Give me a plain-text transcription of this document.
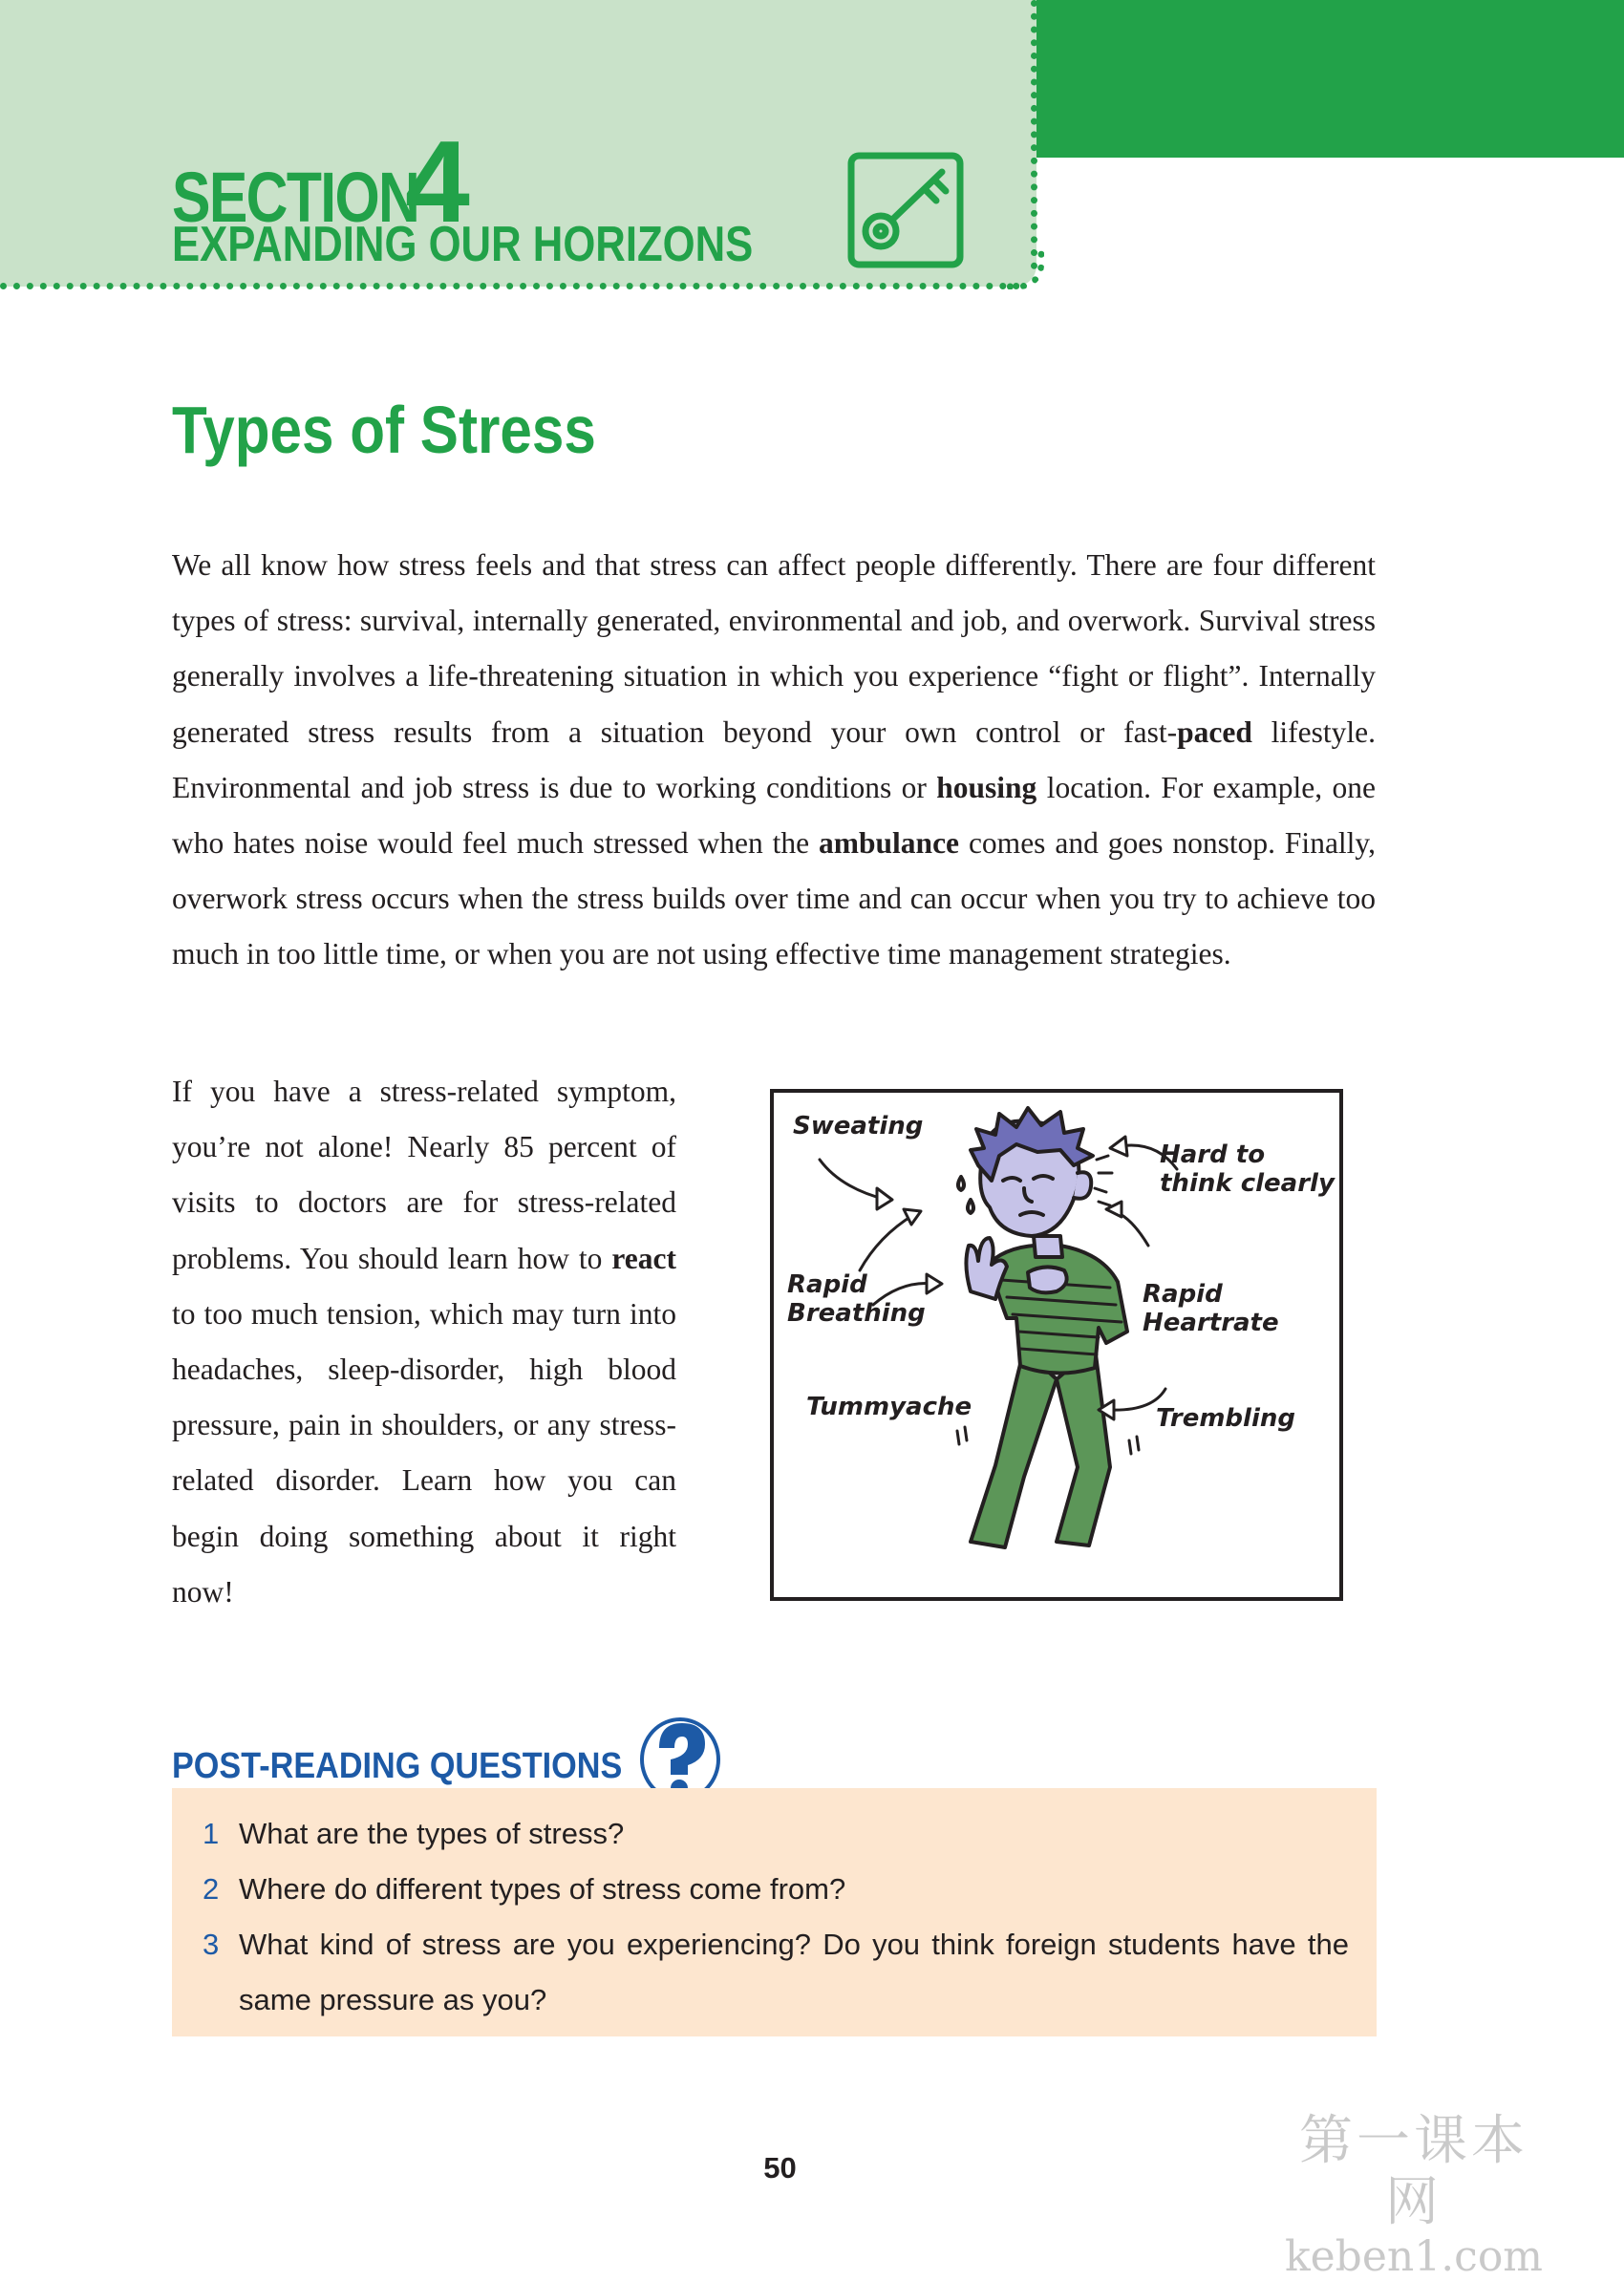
SECTION
4
EXPANDING OUR HORIZONS
Types of Stress
We all know how stress feels and that stress can affect people differently. There are four different types of stress: survival, internally generated, environmental and job, and overwork. Survival stress generally involves a life-threatening situation in which you experience “fight or flight”. Internally generated stress results from a situation beyond your own control or fast-paced lifestyle. Environmental and job stress is due to working conditions or housing location. For example, one who hates noise would feel much stressed when the ambulance comes and goes nonstop. Finally, overwork stress occurs when the stress builds over time and can occur when you try to achieve too much in too little time, or when you are not using effective time management strategies.
If you have a stress-related symptom, you’re not alone! Nearly 85 percent of visits to doctors are for stress-related problems. You should learn how to react to too much tension, which may turn into headaches, sleep-disorder, high blood pressure, pain in shoulders, or any stress-related disorder. Learn how you can begin doing something about it right now!
Sweating
Hard to
think clearly
Rapid
Breathing
Rapid
Heartrate
Tummyache	Trembling
POST-READING QUESTIONS
1 What are the types of stress?
2 Where do different types of stress come from?
3 What kind of stress are you experiencing? Do you think foreign students have the same pressure as you?
50	第一课本网
keben1.com
